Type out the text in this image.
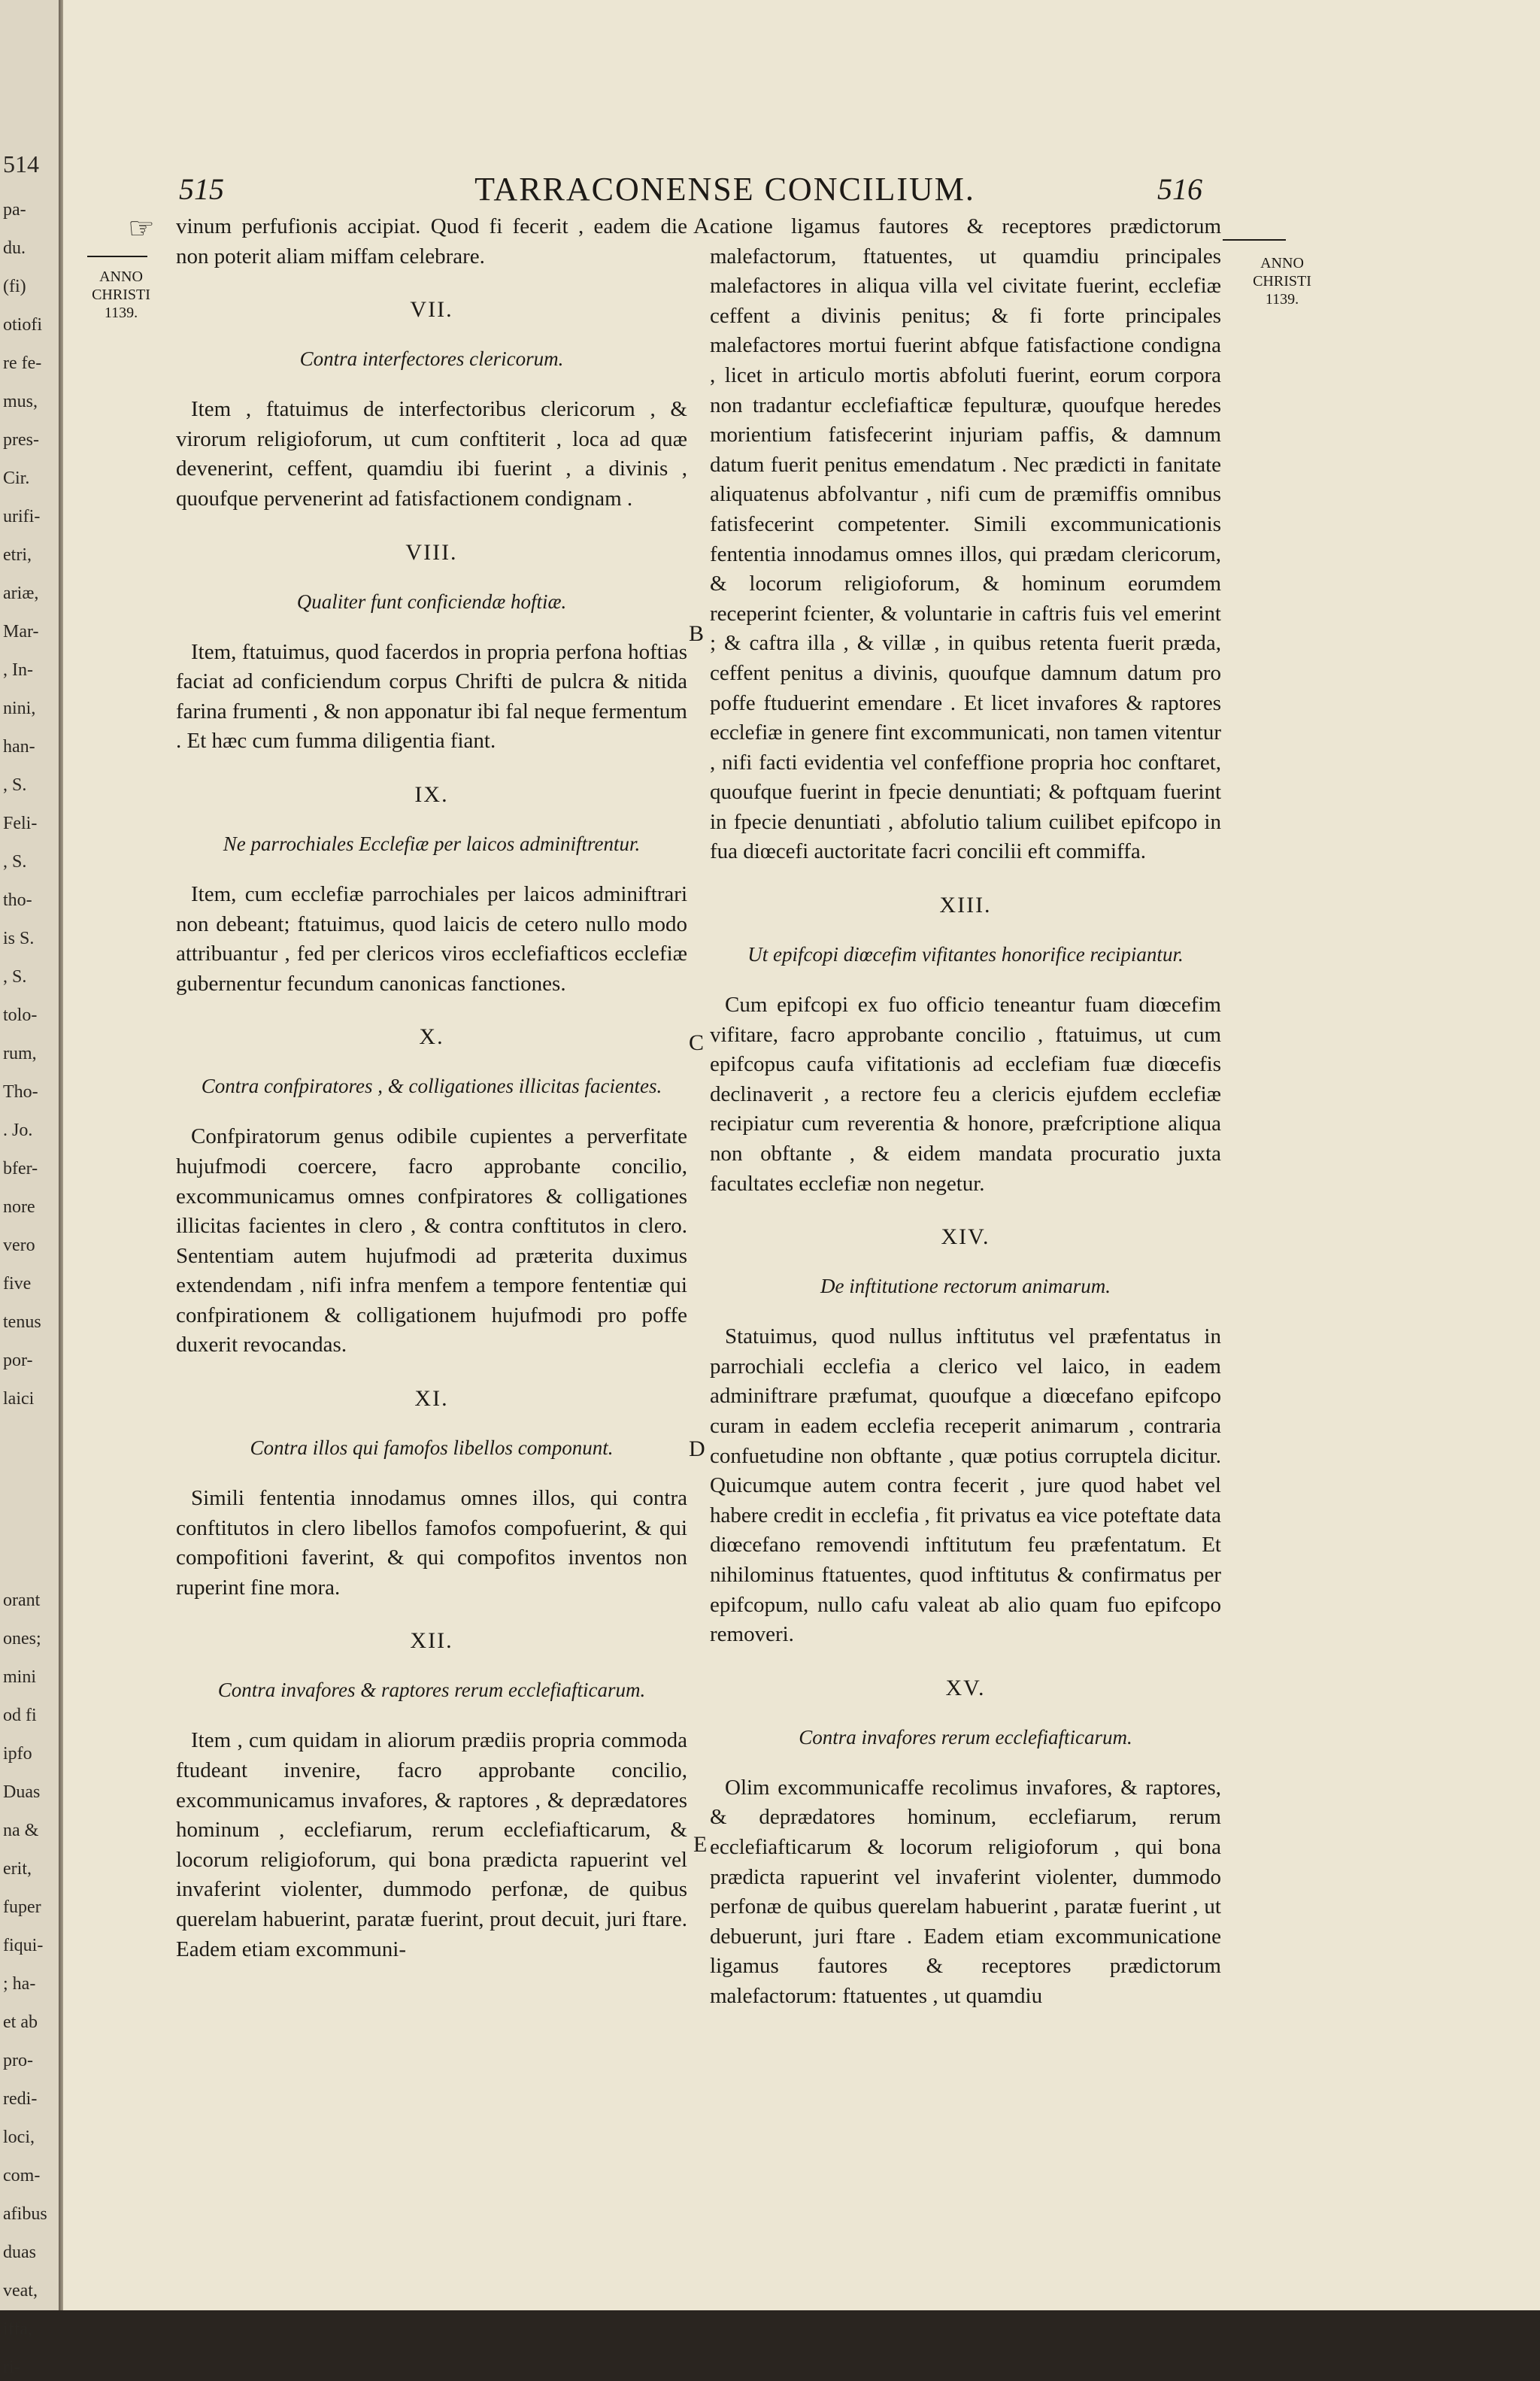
514
pa-
du.
(fi)
otiofi
re fe-
mus,
pres-
Cir.
urifi-
etri,
ariæ,
Mar-
, In-
nini,
han-
, S.
Feli-
, S.
tho-
is S.
, S.
tolo-
rum,
Tho-
. Jo.
bfer-
nore
vero
five
tenus
por-
laici
orant
ones;
mini
od fi
ipfo
Duas
na &
erit,
fuper
fiqui-
; ha-
et ab
pro-
redi-
loci,
com-
afibus
duas
veat,
iffa,
ri-
515	TARRACONENSE CONCILIUM.	516
☞
ANNO
CHRISTI
1139.
ANNO
CHRISTI
1139.
A
B
C
D
E

vinum perfufionis accipiat. Quod fi fecerit , eadem die non poterit aliam miffam celebrare.

VII.
Contra interfectores clericorum.

Item , ftatuimus de interfectoribus clericorum , & virorum religioforum, ut cum conftiterit , loca ad quæ devenerint, ceffent, quamdiu ibi fuerint , a divinis , quoufque pervenerint ad fatisfactionem condignam .

VIII.
Qualiter funt conficiendæ hoftiæ.

Item, ftatuimus, quod facerdos in propria perfona hoftias faciat ad conficiendum corpus Chrifti de pulcra & nitida farina frumenti , & non apponatur ibi fal neque fermentum . Et hæc cum fumma diligentia fiant.

IX.
Ne parrochiales Ecclefiæ per laicos adminiftrentur.

Item, cum ecclefiæ parrochiales per laicos adminiftrari non debeant; ftatuimus, quod laicis de cetero nullo modo attribuantur , fed per clericos viros ecclefiafticos ecclefiæ gubernentur fecundum canonicas fanctiones.

X.
Contra confpiratores , & colligationes illicitas facientes.

Confpiratorum genus odibile cupientes a perverfitate hujufmodi coercere, facro approbante concilio, excommunicamus omnes confpiratores & colligationes illicitas facientes in clero , & contra conftitutos in clero. Sententiam autem hujufmodi ad præterita duximus extendendam , nifi infra menfem a tempore fententiæ qui confpirationem & colligationem hujufmodi pro poffe duxerit revocandas.

XI.
Contra illos qui famofos libellos componunt.

Simili fententia innodamus omnes illos, qui contra conftitutos in clero libellos famofos compofuerint, & qui compofitioni faverint, & qui compofitos inventos non ruperint fine mora.

XII.
Contra invafores & raptores rerum ecclefiafticarum.

Item , cum quidam in aliorum prædiis propria commoda ftudeant invenire, facro approbante concilio, excommunicamus invafores, & raptores , & deprædatores hominum , ecclefiarum, rerum ecclefiafticarum, & locorum religioforum, qui bona prædicta rapuerint vel invaferint violenter, dummodo perfonæ, de quibus querelam habuerint, paratæ fuerint, prout decuit, juri ftare. Eadem etiam excommuni-

catione ligamus fautores & receptores prædictorum malefactorum, ftatuentes, ut quamdiu principales malefactores in aliqua villa vel civitate fuerint, ecclefiæ ceffent a divinis penitus; & fi forte principales malefactores mortui fuerint abfque fatisfactione condigna , licet in articulo mortis abfoluti fuerint, eorum corpora non tradantur ecclefiafticæ fepulturæ, quoufque heredes morientium fatisfecerint injuriam paffis, & damnum datum fuerit penitus emendatum . Nec prædicti in fanitate aliquatenus abfolvantur , nifi cum de præmiffis omnibus fatisfecerint competenter. Simili excommunicationis fententia innodamus omnes illos, qui prædam clericorum, & locorum religioforum, & hominum eorumdem receperint fcienter, & voluntarie in caftris fuis vel emerint ; & caftra illa , & villæ , in quibus retenta fuerit præda, ceffent penitus a divinis, quoufque damnum datum pro poffe ftuduerint emendare . Et licet invafores & raptores ecclefiæ in genere fint excommunicati, non tamen vitentur , nifi facti evidentia vel confeffione propria hoc conftaret, quoufque fuerint in fpecie denuntiati; & poftquam fuerint in fpecie denuntiati , abfolutio talium cuilibet epifcopo in fua diœcefi auctoritate facri concilii eft commiffa.

XIII.
Ut epifcopi diœcefim vifitantes honorifice recipiantur.

Cum epifcopi ex fuo officio teneantur fuam diœcefim vifitare, facro approbante concilio , ftatuimus, ut cum epifcopus caufa vifitationis ad ecclefiam fuæ diœcefis declinaverit , a rectore feu a clericis ejufdem ecclefiæ recipiatur cum reverentia & honore, præfcriptione aliqua non obftante , & eidem mandata procuratio juxta facultates ecclefiæ non negetur.

XIV.
De inftitutione rectorum animarum.

Statuimus, quod nullus inftitutus vel præfentatus in parrochiali ecclefia a clerico vel laico, in eadem adminiftrare præfumat, quoufque a diœcefano epifcopo curam in eadem ecclefia receperit animarum , contraria confuetudine non obftante , quæ potius corruptela dicitur. Quicumque autem contra fecerit , jure quod habet vel habere credit in ecclefia , fit privatus ea vice poteftate data diœcefano removendi inftitutum feu præfentatum. Et nihilominus ftatuentes, quod inftitutus & confirmatus per epifcopum, nullo cafu valeat ab alio quam fuo epifcopo removeri.

XV.
Contra invafores rerum ecclefiafticarum.

Olim excommunicaffe recolimus invafores, & raptores, & deprædatores hominum, ecclefiarum, rerum ecclefiafticarum & locorum religioforum , qui bona prædicta rapuerint vel invaferint violenter, dummodo perfonæ de quibus querelam habuerint , paratæ fuerint , ut debuerunt, juri ftare . Eadem etiam excommunicatione ligamus fautores & receptores prædictorum malefactorum: ftatuentes , ut quamdiu
